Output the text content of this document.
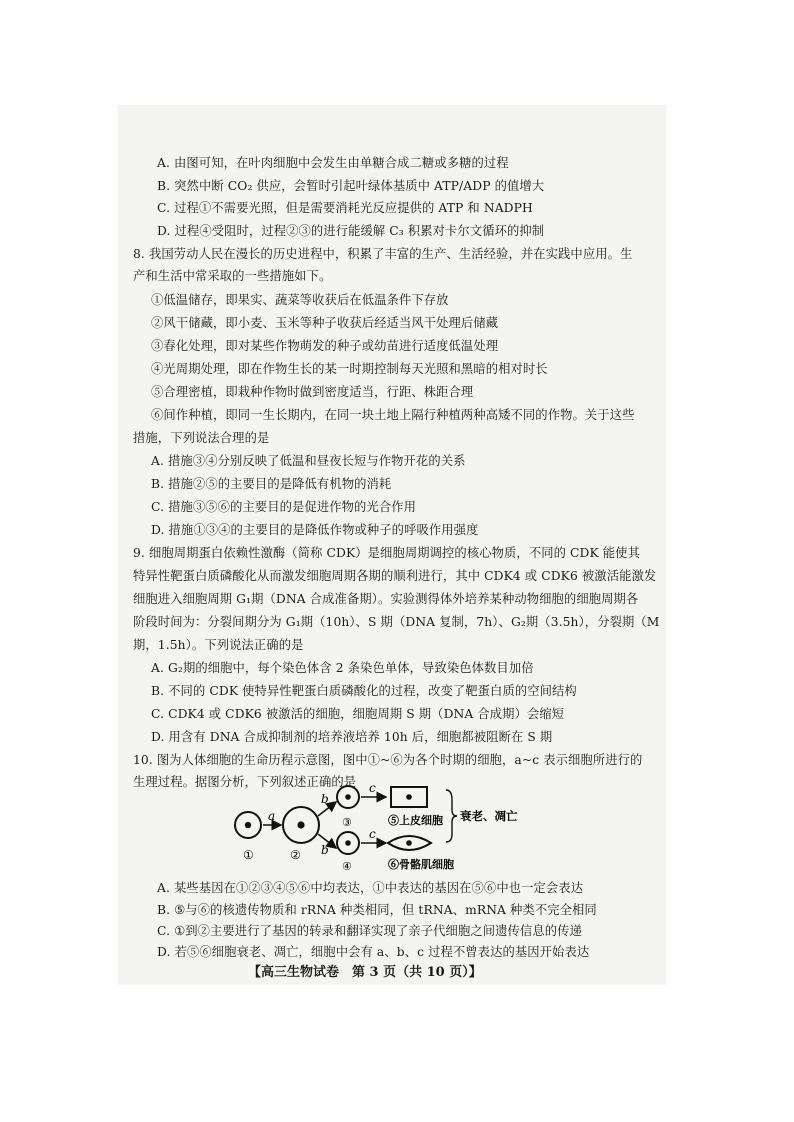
A. 由图可知，在叶肉细胞中会发生由单糖合成二糖或多糖的过程
B. 突然中断 CO₂ 供应，会暂时引起叶绿体基质中 ATP/ADP 的值增大
C. 过程①不需要光照，但是需要消耗光反应提供的 ATP 和 NADPH
D. 过程④受阻时，过程②③的进行能缓解 C₃ 积累对卡尔文循环的抑制
8. 我国劳动人民在漫长的历史进程中，积累了丰富的生产、生活经验，并在实践中应用。生
产和生活中常采取的一些措施如下。
①低温储存，即果实、蔬菜等收获后在低温条件下存放
②风干储藏，即小麦、玉米等种子收获后经适当风干处理后储藏
③春化处理，即对某些作物萌发的种子或幼苗进行适度低温处理
④光周期处理，即在作物生长的某一时期控制每天光照和黑暗的相对时长
⑤合理密植，即栽种作物时做到密度适当，行距、株距合理
⑥间作种植，即同一生长期内，在同一块土地上隔行种植两种高矮不同的作物。关于这些
措施，下列说法合理的是
A. 措施③④分别反映了低温和昼夜长短与作物开花的关系
B. 措施②⑤的主要目的是降低有机物的消耗
C. 措施③⑤⑥的主要目的是促进作物的光合作用
D. 措施①③④的主要目的是降低作物或种子的呼吸作用强度
9. 细胞周期蛋白依赖性激酶（简称 CDK）是细胞周期调控的核心物质，不同的 CDK 能使其
特异性靶蛋白质磷酸化从而激发细胞周期各期的顺利进行，其中 CDK4 或 CDK6 被激活能激发
细胞进入细胞周期 G₁期（DNA 合成准备期）。实验测得体外培养某种动物细胞的细胞周期各
阶段时间为：分裂间期分为 G₁期（10h）、S 期（DNA 复制，7h）、G₂期（3.5h），分裂期（M
期，1.5h）。下列说法正确的是
A. G₂期的细胞中，每个染色体含 2 条染色单体，导致染色体数目加倍
B. 不同的 CDK 使特异性靶蛋白质磷酸化的过程，改变了靶蛋白质的空间结构
C. CDK4 或 CDK6 被激活的细胞，细胞周期 S 期（DNA 合成期）会缩短
D. 用含有 DNA 合成抑制剂的培养液培养 10h 后，细胞都被阻断在 S 期
10. 图为人体细胞的生命历程示意图，图中①~⑥为各个时期的细胞，a~c 表示细胞所进行的
生理过程。据图分析，下列叙述正确的是
①
a
②
b
b
③
④
c
c
⑤上皮细胞
⑥骨骼肌细胞
衰老、凋亡
A. 某些基因在①②③④⑤⑥中均表达，①中表达的基因在⑤⑥中也一定会表达
B. ⑤与⑥的核遗传物质和 rRNA 种类相同，但 tRNA、mRNA 种类不完全相同
C. ①到②主要进行了基因的转录和翻译实现了亲子代细胞之间遗传信息的传递
D. 若⑤⑥细胞衰老、凋亡，细胞中会有 a、b、c 过程不曾表达的基因开始表达
【高三生物试卷　第 3 页（共 10 页）】
